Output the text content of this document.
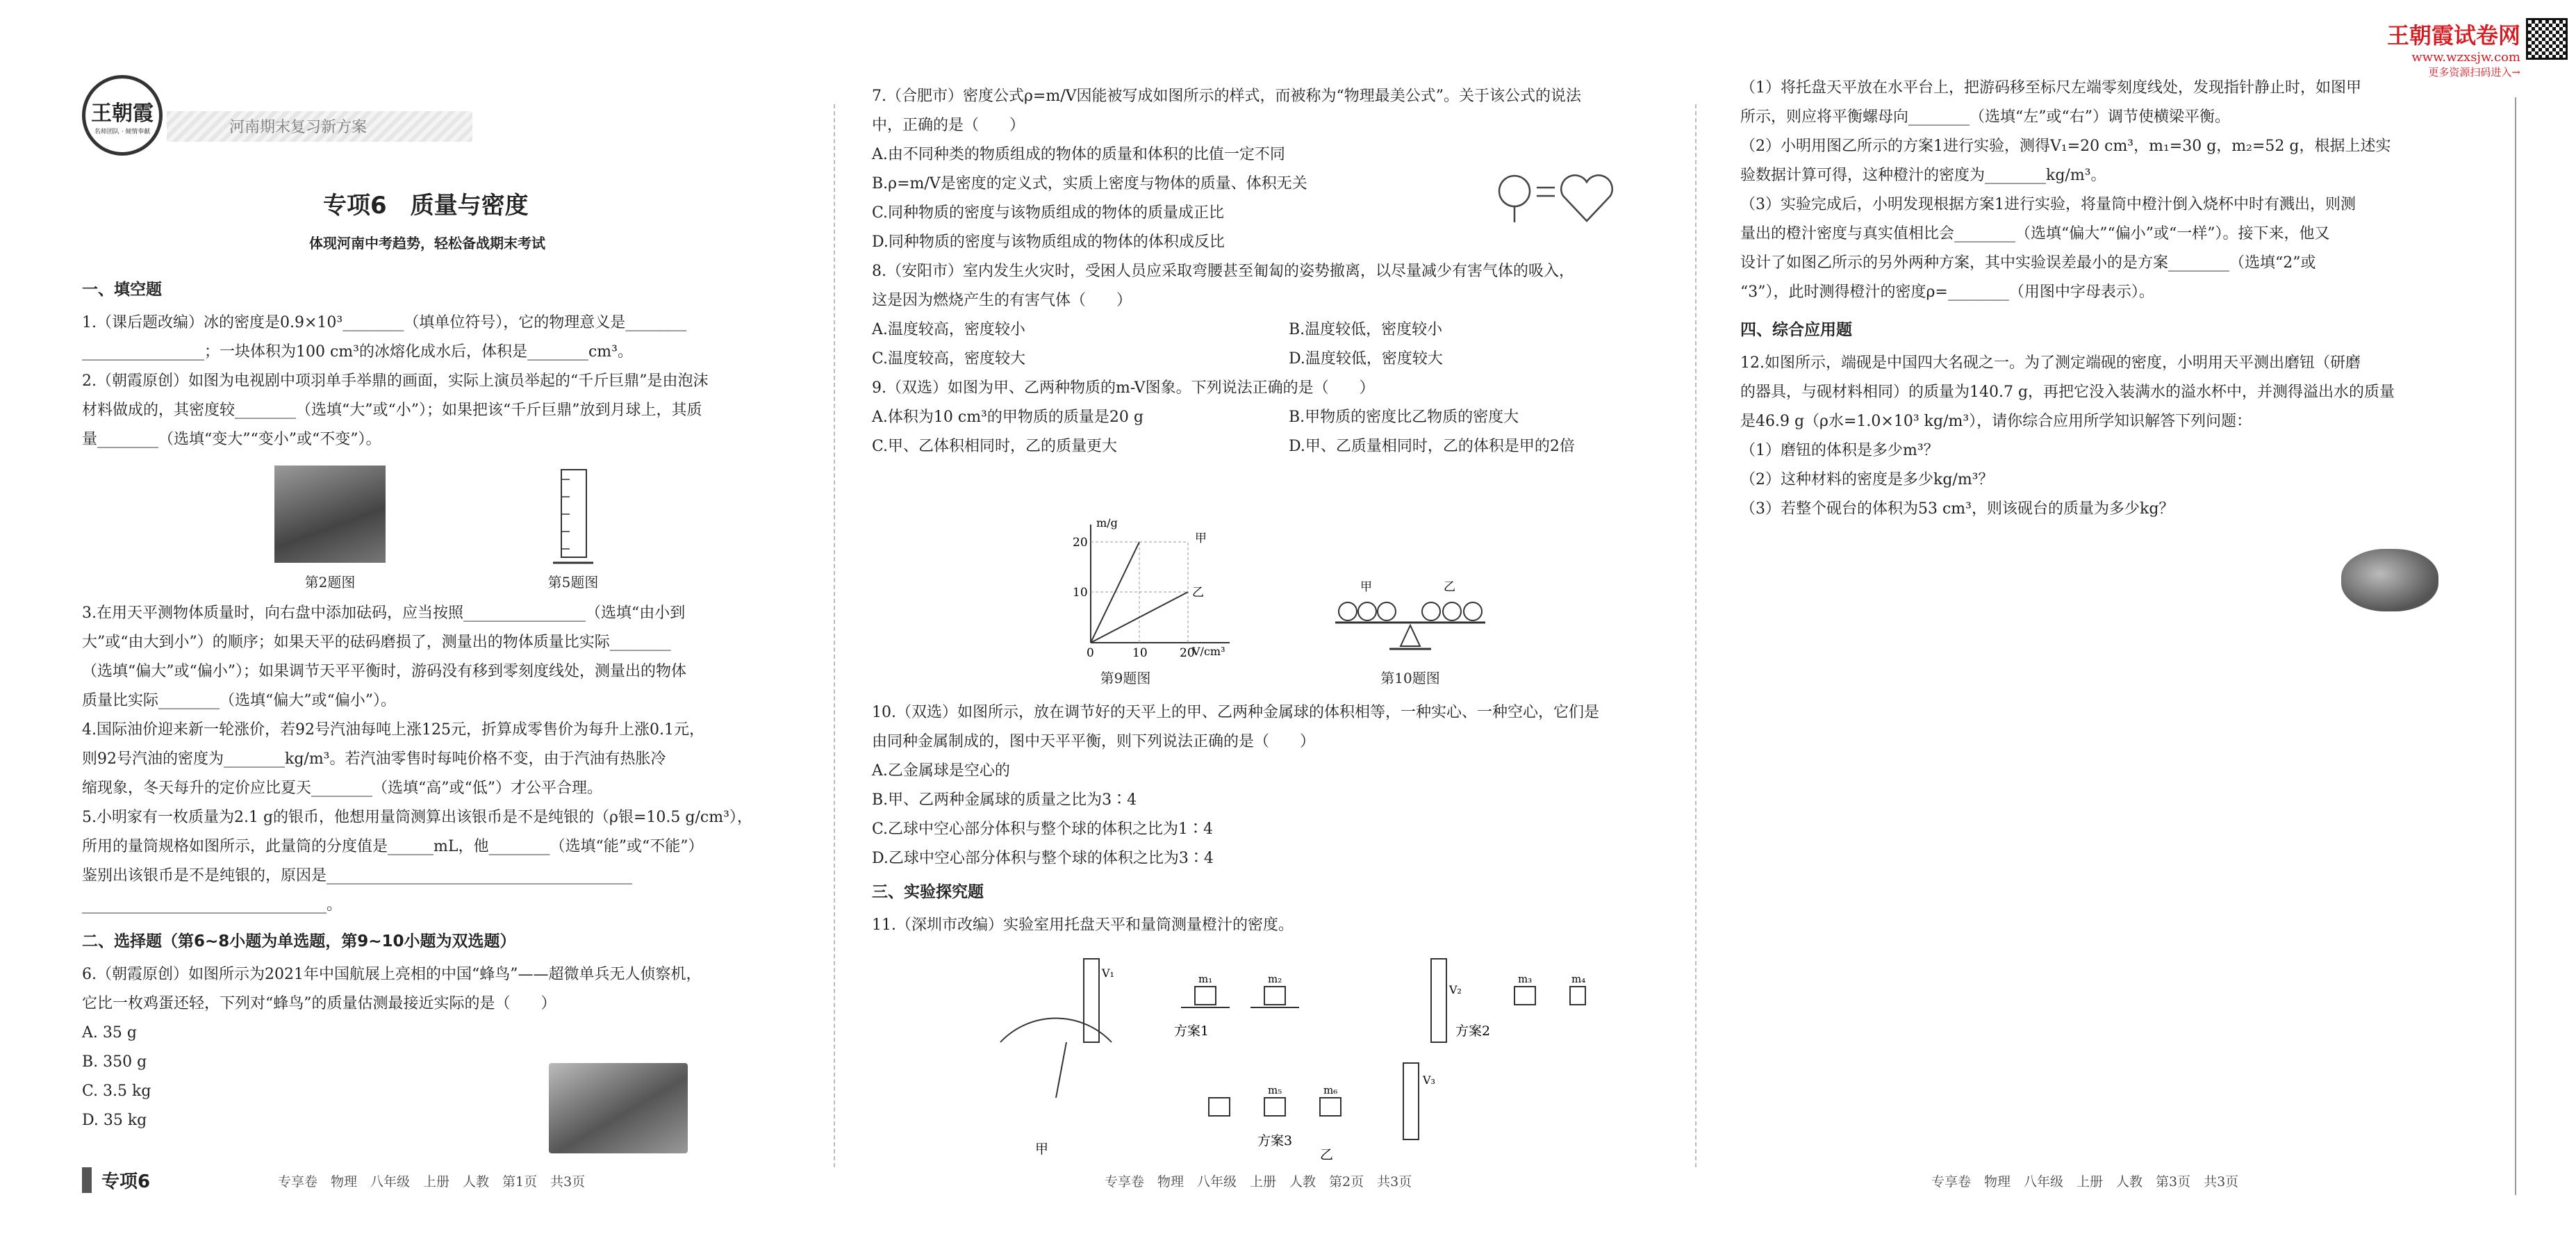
王朝霞
名师团队 · 倾情奉献	河南期末复习新方案
专项6　质量与密度
体现河南中考趋势，轻松备战期末考试
王朝霞试卷网
www.wzxsjw.com
更多资源扫码进入→
一、填空题
1.（课后题改编）冰的密度是0.9×10³________（填单位符号），它的物理意义是________
________________；一块体积为100 cm³的冰熔化成水后，体积是________cm³。
2.（朝霞原创）如图为电视剧中项羽单手举鼎的画面，实际上演员举起的“千斤巨鼎”是由泡沫
材料做成的，其密度较________（选填“大”或“小”）；如果把该“千斤巨鼎”放到月球上，其质
量________（选填“变大”“变小”或“不变”）。
第2题图	第5题图
3.在用天平测物体质量时，向右盘中添加砝码，应当按照________________（选填“由小到
大”或“由大到小”）的顺序；如果天平的砝码磨损了，测量出的物体质量比实际________
（选填“偏大”或“偏小”）；如果调节天平平衡时，游码没有移到零刻度线处，测量出的物体
质量比实际________（选填“偏大”或“偏小”）。
4.国际油价迎来新一轮涨价，若92号汽油每吨上涨125元，折算成零售价为每升上涨0.1元，
则92号汽油的密度为________kg/m³。若汽油零售时每吨价格不变，由于汽油有热胀冷
缩现象，冬天每升的定价应比夏天________（选填“高”或“低”）才公平合理。
5.小明家有一枚质量为2.1 g的银币，他想用量筒测算出该银币是不是纯银的（ρ银=10.5 g/cm³），
所用的量筒规格如图所示，此量筒的分度值是______mL，他________（选填“能”或“不能”）
鉴别出该银币是不是纯银的，原因是________________________________________
________________________________。
二、选择题（第6~8小题为单选题，第9~10小题为双选题）
6.（朝霞原创）如图所示为2021年中国航展上亮相的中国“蜂鸟”——超微单兵无人侦察机，
它比一枚鸡蛋还轻，下列对“蜂鸟”的质量估测最接近实际的是（　　）
A. 35 g
B. 350 g
C. 3.5 kg
D. 35 kg
7.（合肥市）密度公式ρ=m/V因能被写成如图所示的样式，而被称为“物理最美公式”。关于该公式的说法
中，正确的是（　　）
A.由不同种类的物质组成的物体的质量和体积的比值一定不同
B.ρ=m/V是密度的定义式，实质上密度与物体的质量、体积无关
C.同种物质的密度与该物质组成的物体的质量成正比
D.同种物质的密度与该物质组成的物体的体积成反比
8.（安阳市）室内发生火灾时，受困人员应采取弯腰甚至匍匐的姿势撤离，以尽量减少有害气体的吸入，
这是因为燃烧产生的有害气体（　　）
A.温度较高，密度较小	B.温度较低，密度较小
C.温度较高，密度较大	D.温度较低，密度较大
9.（双选）如图为甲、乙两种物质的m-V图象。下列说法正确的是（　　）
A.体积为10 cm³的甲物质的质量是20 g	B.甲物质的密度比乙物质的密度大
C.甲、乙体积相同时，乙的质量更大	D.甲、乙质量相同时，乙的体积是甲的2倍
m/g
V/cm³
甲
乙
20
10
0	10	20
第9题图
甲	乙
第10题图
10.（双选）如图所示，放在调节好的天平上的甲、乙两种金属球的体积相等，一种实心、一种空心，它们是
由同种金属制成的，图中天平平衡，则下列说法正确的是（　　）
A.乙金属球是空心的
B.甲、乙两种金属球的质量之比为3∶4
C.乙球中空心部分体积与整个球的体积之比为1∶4
D.乙球中空心部分体积与整个球的体积之比为3∶4
三、实验探究题
11.（深圳市改编）实验室用托盘天平和量筒测量橙汁的密度。
方案1	方案2
方案3
甲	乙
V₁
V₂
V₃
m₁	m₂	m₃	m₄
m₅	m₆
（1）将托盘天平放在水平台上，把游码移至标尺左端零刻度线处，发现指针静止时，如图甲
所示，则应将平衡螺母向________（选填“左”或“右”）调节使横梁平衡。
（2）小明用图乙所示的方案1进行实验，测得V₁=20 cm³，m₁=30 g，m₂=52 g，根据上述实
验数据计算可得，这种橙汁的密度为________kg/m³。
（3）实验完成后，小明发现根据方案1进行实验，将量筒中橙汁倒入烧杯中时有溅出，则测
量出的橙汁密度与真实值相比会________（选填“偏大”“偏小”或“一样”）。接下来，他又
设计了如图乙所示的另外两种方案，其中实验误差最小的是方案________（选填“2”或
“3”），此时测得橙汁的密度ρ=________（用图中字母表示）。
四、综合应用题
12.如图所示，端砚是中国四大名砚之一。为了测定端砚的密度，小明用天平测出磨钮（研磨
的器具，与砚材料相同）的质量为140.7 g，再把它没入装满水的溢水杯中，并测得溢出水的质量
是46.9 g（ρ水=1.0×10³ kg/m³），请你综合应用所学知识解答下列问题：
（1）磨钮的体积是多少m³？
（2）这种材料的密度是多少kg/m³？
（3）若整个砚台的体积为53 cm³，则该砚台的质量为多少kg？
专项6	专享卷　物理　八年级　上册　人教　第1页　共3页	专享卷　物理　八年级　上册　人教　第2页　共3页	专享卷　物理　八年级　上册　人教　第3页　共3页
